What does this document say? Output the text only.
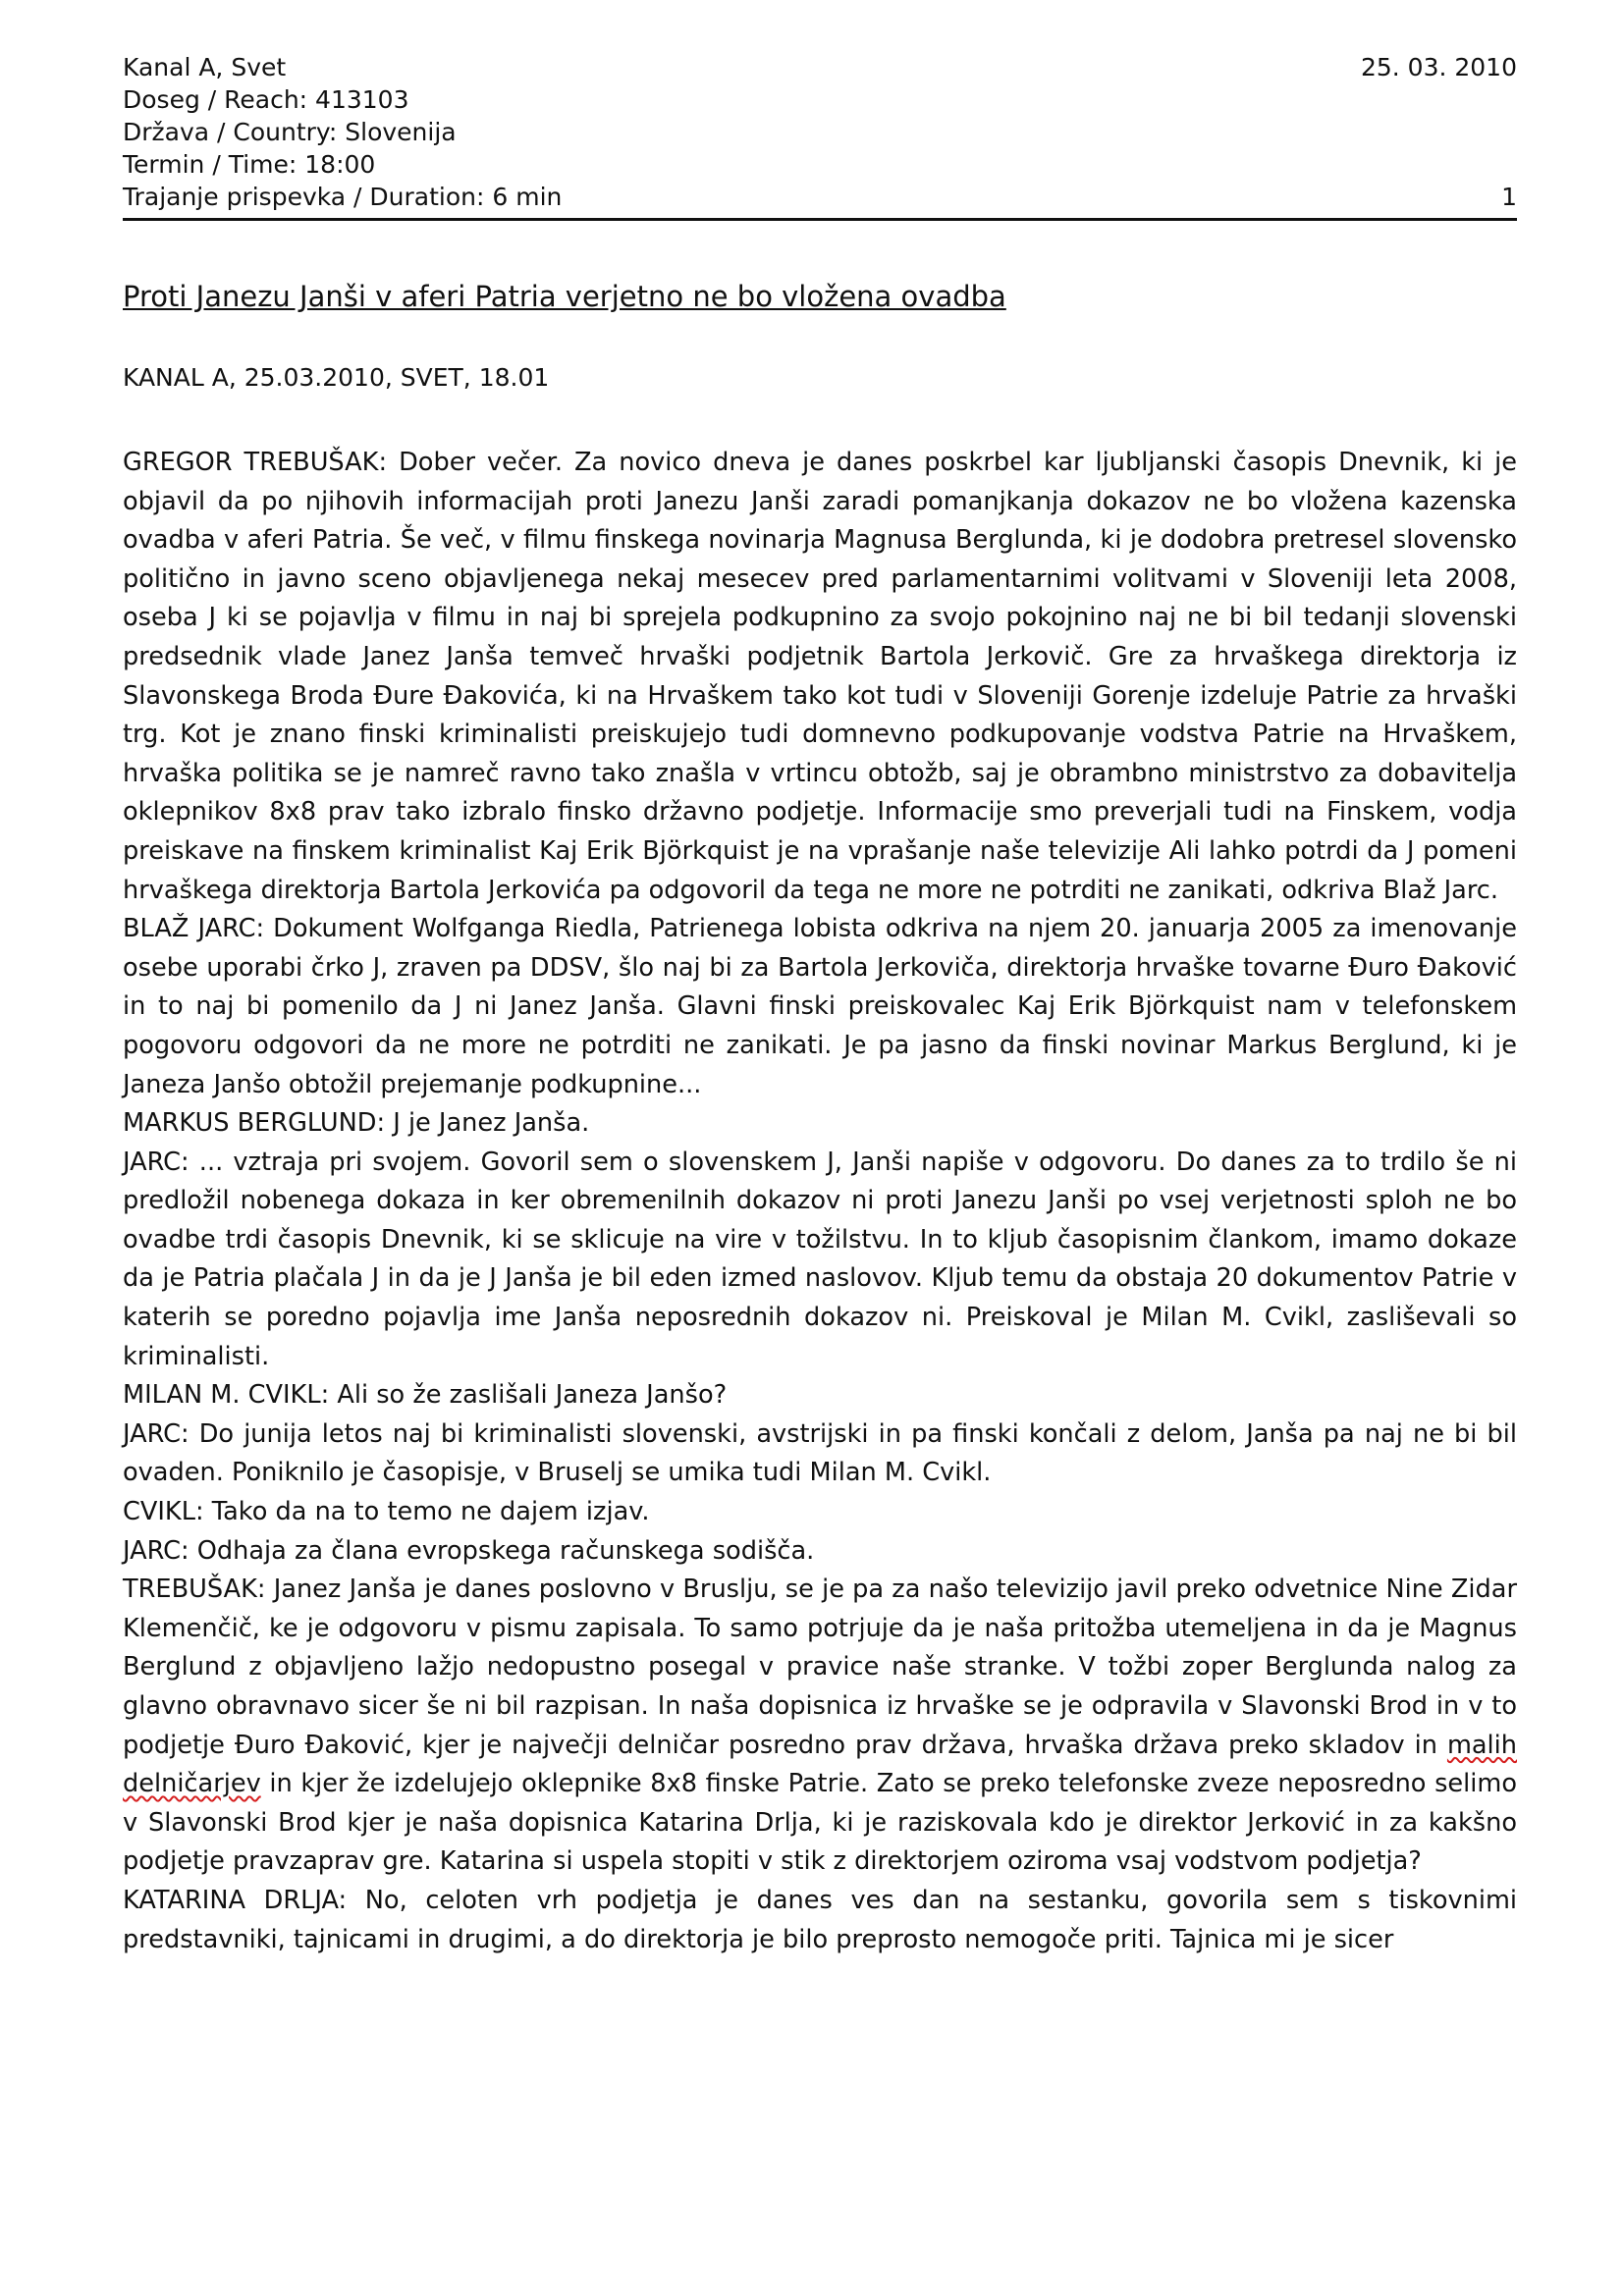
Kanal A, Svet	25. 03. 2010
Doseg / Reach: 413103
Država / Country: Slovenija
Termin / Time: 18:00
Trajanje prispevka / Duration: 6 min	1
Proti Janezu Janši v aferi Patria verjetno ne bo vložena ovadba
KANAL A, 25.03.2010, SVET, 18.01

GREGOR TREBUŠAK: Dober večer. Za novico dneva je danes poskrbel kar ljubljanski časopis Dnevnik, ki je objavil da po njihovih informacijah proti Janezu Janši zaradi pomanjkanja dokazov ne bo vložena kazenska ovadba v aferi Patria. Še več, v filmu finskega novinarja Magnusa Berglunda, ki je dodobra pretresel slovensko politično in javno sceno objavljenega nekaj mesecev pred parlamentarnimi volitvami v Sloveniji leta 2008, oseba J ki se pojavlja v filmu in naj bi sprejela podkupnino za svojo pokojnino naj ne bi bil tedanji slovenski predsednik vlade Janez Janša temveč hrvaški podjetnik Bartola Jerkovič. Gre za hrvaškega direktorja iz Slavonskega Broda Đure Đakovića, ki na Hrvaškem tako kot tudi v Sloveniji Gorenje izdeluje Patrie za hrvaški trg. Kot je znano finski kriminalisti preiskujejo tudi domnevno podkupovanje vodstva Patrie na Hrvaškem, hrvaška politika se je namreč ravno tako znašla v vrtincu obtožb, saj je obrambno ministrstvo za dobavitelja oklepnikov 8x8 prav tako izbralo finsko državno podjetje. Informacije smo preverjali tudi na Finskem, vodja preiskave na finskem kriminalist Kaj Erik Björkquist je na vprašanje naše televizije Ali lahko potrdi da J pomeni hrvaškega direktorja Bartola Jerkovića pa odgovoril da tega ne more ne potrditi ne zanikati, odkriva Blaž Jarc.

BLAŽ JARC: Dokument Wolfganga Riedla, Patrienega lobista odkriva na njem 20. januarja 2005 za imenovanje osebe uporabi črko J, zraven pa DDSV, šlo naj bi za Bartola Jerkoviča, direktorja hrvaške tovarne Đuro Đaković in to naj bi pomenilo da J ni Janez Janša. Glavni finski preiskovalec Kaj Erik Björkquist nam v telefonskem pogovoru odgovori da ne more ne potrditi ne zanikati. Je pa jasno da finski novinar Markus Berglund, ki je Janeza Janšo obtožil prejemanje podkupnine...

MARKUS BERGLUND: J je Janez Janša.

JARC: ... vztraja pri svojem. Govoril sem o slovenskem J, Janši napiše v odgovoru. Do danes za to trdilo še ni predložil nobenega dokaza in ker obremenilnih dokazov ni proti Janezu Janši po vsej verjetnosti sploh ne bo ovadbe trdi časopis Dnevnik, ki se sklicuje na vire v tožilstvu. In to kljub časopisnim člankom, imamo dokaze da je Patria plačala J in da je J Janša je bil eden izmed naslovov. Kljub temu da obstaja 20 dokumentov Patrie v katerih se poredno pojavlja ime Janša neposrednih dokazov ni. Preiskoval je Milan M. Cvikl, zasliševali so kriminalisti.

MILAN M. CVIKL: Ali so že zaslišali Janeza Janšo?

JARC: Do junija letos naj bi kriminalisti slovenski, avstrijski in pa finski končali z delom, Janša pa naj ne bi bil ovaden. Poniknilo je časopisje, v Bruselj se umika tudi Milan M. Cvikl.

CVIKL: Tako da na to temo ne dajem izjav.

JARC: Odhaja za člana evropskega računskega sodišča.

TREBUŠAK: Janez Janša je danes poslovno v Bruslju, se je pa za našo televizijo javil preko odvetnice Nine Zidar Klemenčič, ke je odgovoru v pismu zapisala. To samo potrjuje da je naša pritožba utemeljena in da je Magnus Berglund z objavljeno lažjo nedopustno posegal v pravice naše stranke. V tožbi zoper Berglunda nalog za glavno obravnavo sicer še ni bil razpisan. In naša dopisnica iz hrvaške se je odpravila v Slavonski Brod in v to podjetje Đuro Đaković, kjer je največji delničar posredno prav država, hrvaška država preko skladov in malih delničarjev in kjer že izdelujejo oklepnike 8x8 finske Patrie. Zato se preko telefonske zveze neposredno selimo v Slavonski Brod kjer je naša dopisnica Katarina Drlja, ki je raziskovala kdo je direktor Jerković in za kakšno podjetje pravzaprav gre. Katarina si uspela stopiti v stik z direktorjem oziroma vsaj vodstvom podjetja?

KATARINA DRLJA: No, celoten vrh podjetja je danes ves dan na sestanku, govorila sem s tiskovnimi predstavniki, tajnicami in drugimi, a do direktorja je bilo preprosto nemogoče priti. Tajnica mi je sicer
